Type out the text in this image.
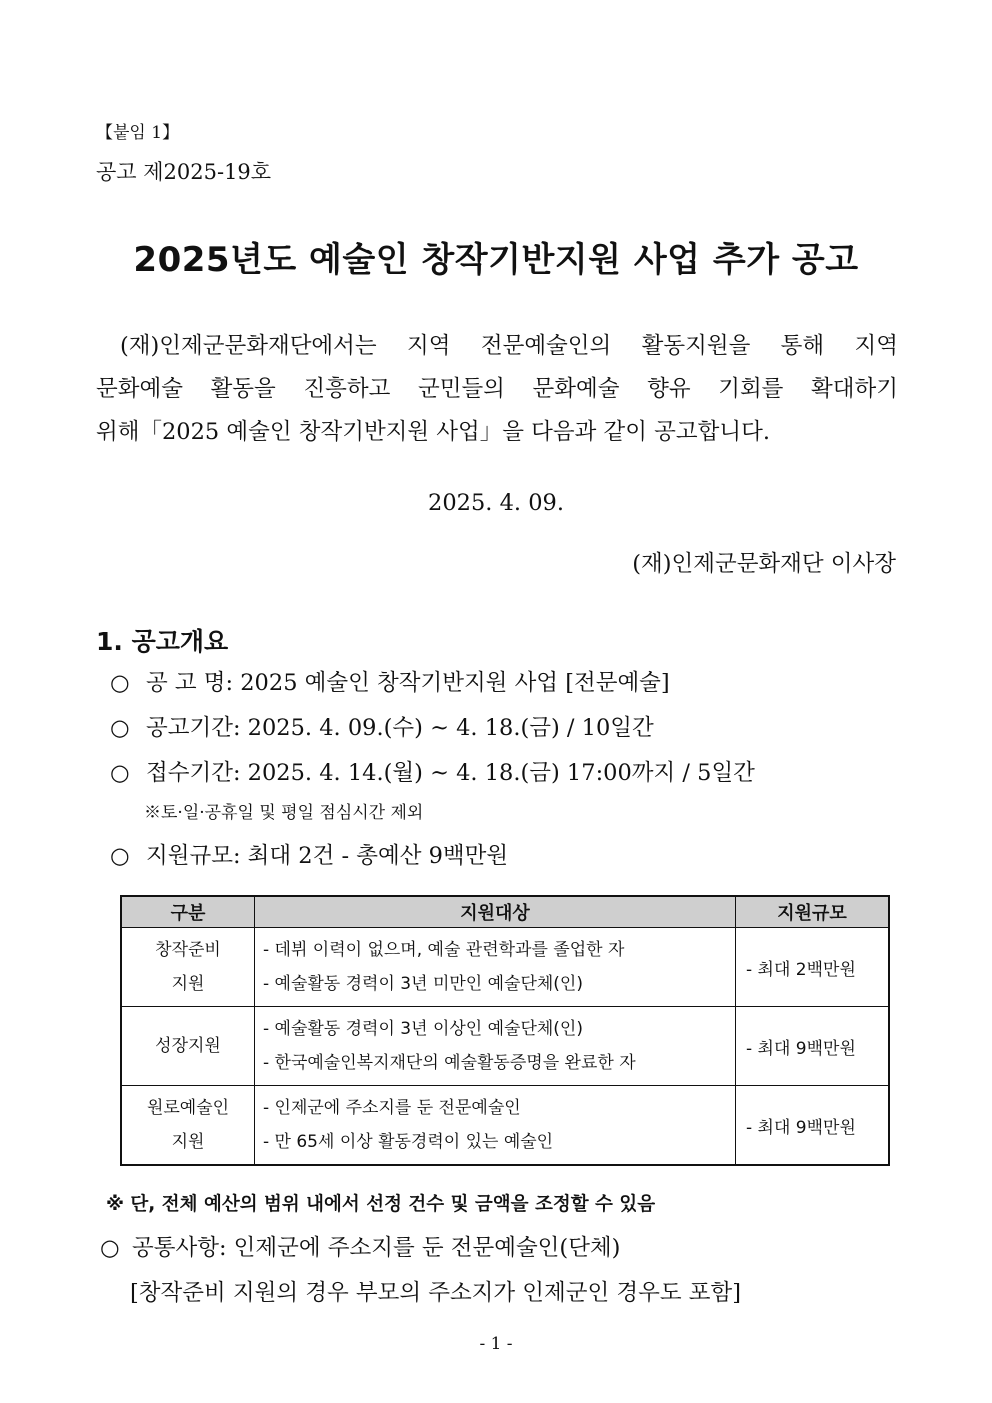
【붙임 1】
공고 제2025-19호
2025년도 예술인 창작기반지원 사업 추가 공고
(재)인제군문화재단에서는 지역 전문예술인의 활동지원을 통해 지역
문화예술 활동을 진흥하고 군민들의 문화예술 향유 기회를 확대하기
위해「2025 예술인 창작기반지원 사업」을 다음과 같이 공고합니다.
2025. 4. 09.
(재)인제군문화재단 이사장
1. 공고개요
○ 공 고 명: 2025 예술인 창작기반지원 사업 [전문예술]
○ 공고기간: 2025. 4. 09.(수) ~ 4. 18.(금) / 10일간
○ 접수기간: 2025. 4. 14.(월) ~ 4. 18.(금) 17:00까지 / 5일간
※토·일·공휴일 및 평일 점심시간 제외
○ 지원규모: 최대 2건 - 총예산 9백만원
구분	지원대상	지원규모

창작준비
지원	- 데뷔 이력이 없으며, 예술 관련학과를 졸업한 자
- 예술활동 경력이 3년 미만인 예술단체(인)	- 최대 2백만원

성장지원	- 예술활동 경력이 3년 이상인 예술단체(인)
- 한국예술인복지재단의 예술활동증명을 완료한 자	- 최대 9백만원

원로예술인
지원	- 인제군에 주소지를 둔 전문예술인
- 만 65세 이상 활동경력이 있는 예술인	- 최대 9백만원
※ 단, 전체 예산의 범위 내에서 선정 건수 및 금액을 조정할 수 있음
○ 공통사항: 인제군에 주소지를 둔 전문예술인(단체)
[창작준비 지원의 경우 부모의 주소지가 인제군인 경우도 포함]
- 1 -
